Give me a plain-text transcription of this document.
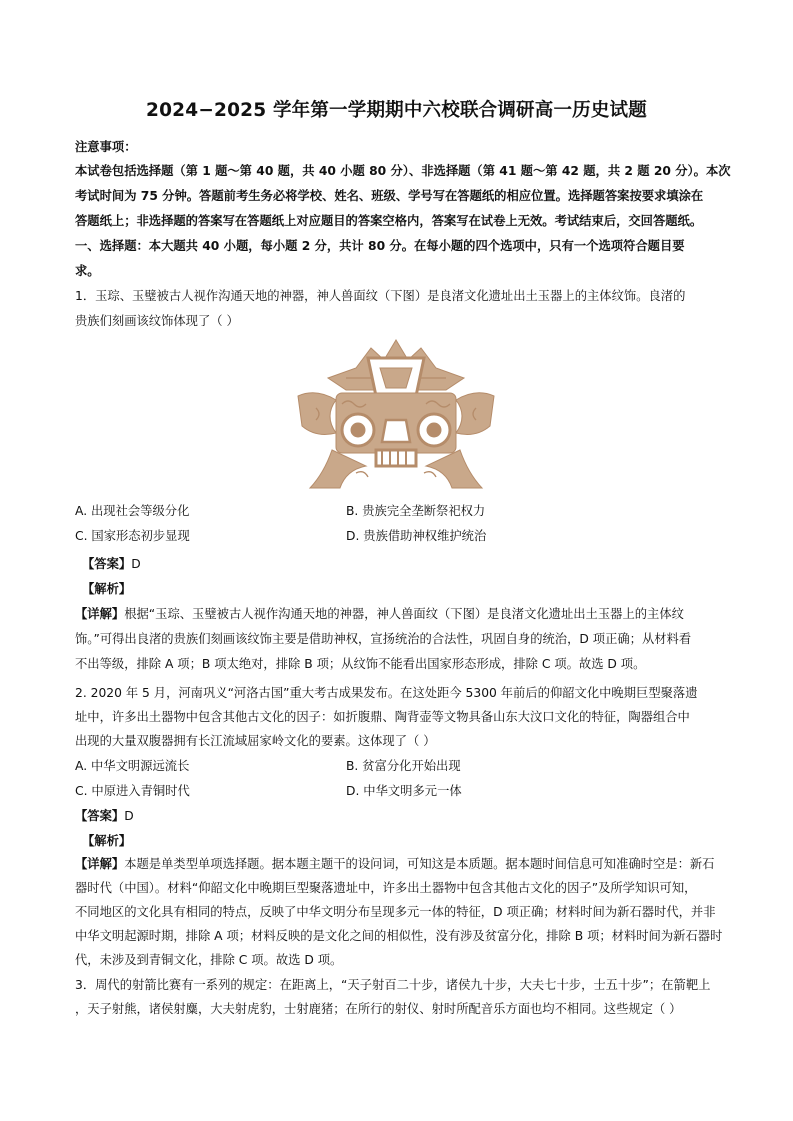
2024−2025 学年第一学期期中六校联合调研高一历史试题
注意事项：
本试卷包括选择题（第 1 题～第 40 题，共 40 小题 80 分）、非选择题（第 41 题～第 42 题，共 2 题 20 分）。本次
考试时间为 75 分钟。答题前考生务必将学校、姓名、班级、学号写在答题纸的相应位置。选择题答案按要求填涂在
答题纸上；非选择题的答案写在答题纸上对应题目的答案空格内，答案写在试卷上无效。考试结束后，交回答题纸。
一、选择题：本大题共 40 小题，每小题 2 分，共计 80 分。在每小题的四个选项中，只有一个选项符合题目要
求。
1．玉琮、玉璧被古人视作沟通天地的神器，神人兽面纹（下图）是良渚文化遗址出土玉器上的主体纹饰。良渚的
贵族们刻画该纹饰体现了（ ）
A. 出现社会等级分化	B. 贵族完全垄断祭祀权力
C. 国家形态初步显现	D. 贵族借助神权维护统治
【答案】D
【解析】
【详解】根据“玉琮、玉璧被古人视作沟通天地的神器，神人兽面纹（下图）是良渚文化遗址出土玉器上的主体纹
饰。”可得出良渚的贵族们刻画该纹饰主要是借助神权，宣扬统治的合法性，巩固自身的统治，D 项正确；从材料看
不出等级，排除 A 项；B 项太绝对，排除 B 项；从纹饰不能看出国家形态形成，排除 C 项。故选 D 项。
2. 2020 年 5 月，河南巩义“河洛古国”重大考古成果发布。在这处距今 5300 年前后的仰韶文化中晚期巨型聚落遗
址中，许多出土器物中包含其他古文化的因子：如折腹鼎、陶背壶等文物具备山东大汶口文化的特征，陶器组合中
出现的大量双腹器拥有长江流域屈家岭文化的要素。这体现了（ ）
A. 中华文明源远流长	B. 贫富分化开始出现
C. 中原进入青铜时代	D. 中华文明多元一体
【答案】D
【解析】
【详解】本题是单类型单项选择题。据本题主题干的设问词，可知这是本质题。据本题时间信息可知准确时空是：新石
器时代（中国）。材料“仰韶文化中晚期巨型聚落遗址中，许多出土器物中包含其他古文化的因子”及所学知识可知，
不同地区的文化具有相同的特点，反映了中华文明分布呈现多元一体的特征，D 项正确；材料时间为新石器时代，并非
中华文明起源时期，排除 A 项；材料反映的是文化之间的相似性，没有涉及贫富分化，排除 B 项；材料时间为新石器时
代，未涉及到青铜文化，排除 C 项。故选 D 项。
3．周代的射箭比赛有一系列的规定：在距离上，“天子射百二十步，诸侯九十步，大夫七十步，士五十步”；在箭靶上
，天子射熊，诸侯射麋，大夫射虎豹，士射鹿猪；在所行的射仪、射时所配音乐方面也均不相同。这些规定（ ）
